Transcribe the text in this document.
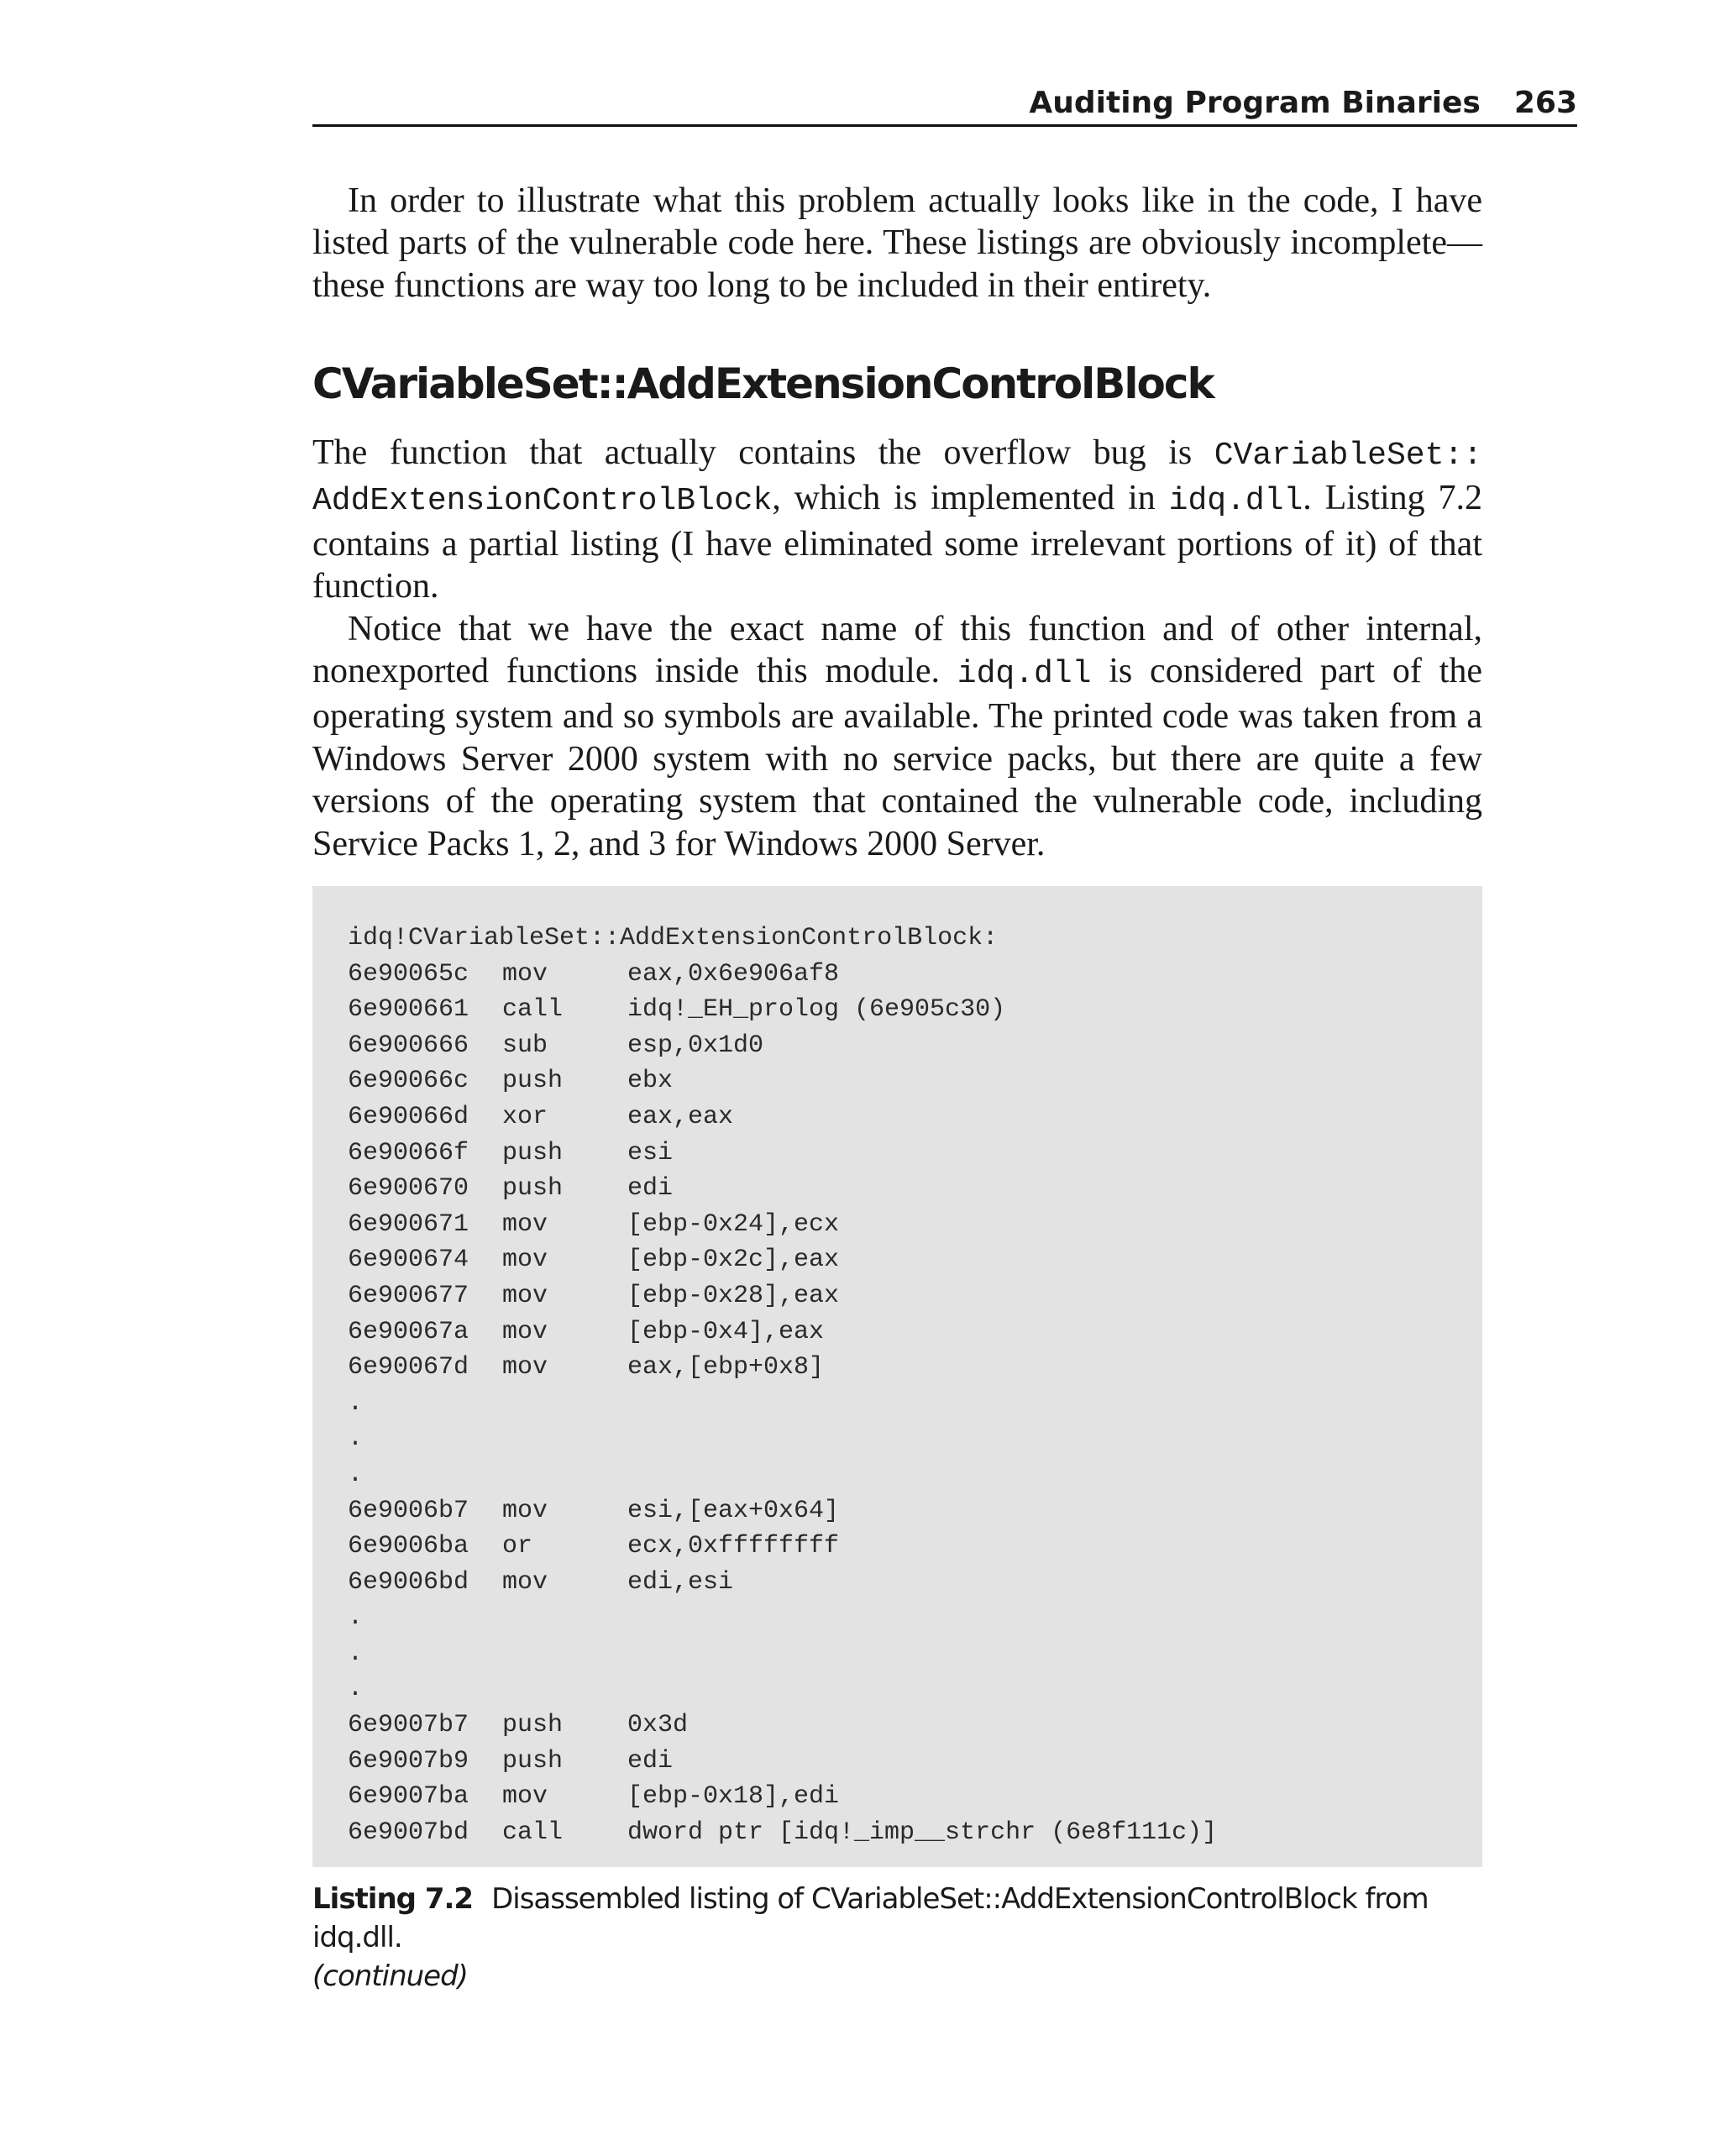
Auditing Program Binaries 263

In order to illustrate what this problem actually looks like in the code, I have listed parts of the vulnerable code here. These listings are obviously incomplete—these functions are way too long to be included in their entirety.

CVariableSet::AddExtensionControlBlock

The function that actually contains the overflow bug is CVariableSet:: AddExtensionControlBlock, which is implemented in idq.dll. Listing 7.2 contains a partial listing (I have eliminated some irrelevant portions of it) of that function.

Notice that we have the exact name of this function and of other internal, nonexported functions inside this module. idq.dll is considered part of the operating system and so symbols are available. The printed code was taken from a Windows Server 2000 system with no service packs, but there are quite a few versions of the operating system that contained the vulnerable code, including Service Packs 1, 2, and 3 for Windows 2000 Server.

idq!CVariableSet::AddExtensionControlBlock:
6e90065c mov	eax,0x6e906af8
6e900661 call	idq!_EH_prolog (6e905c30)
6e900666 sub	esp,0x1d0
6e90066c push	ebx
6e90066d xor	eax,eax
6e90066f push	esi
6e900670 push	edi
6e900671 mov	[ebp-0x24],ecx
6e900674 mov	[ebp-0x2c],eax
6e900677 mov	[ebp-0x28],eax
6e90067a mov	[ebp-0x4],eax
6e90067d mov	eax,[ebp+0x8]
.
.
.
6e9006b7 mov	esi,[eax+0x64]
6e9006ba or	ecx,0xffffffff
6e9006bd mov	edi,esi
.
.
.
6e9007b7 push	0x3d
6e9007b9 push	edi
6e9007ba mov	[ebp-0x18],edi
6e9007bd call	dword ptr [idq!_imp__strchr (6e8f111c)]
Listing 7.2 Disassembled listing of CVariableSet::AddExtensionControlBlock from idq.dll.
(continued)
